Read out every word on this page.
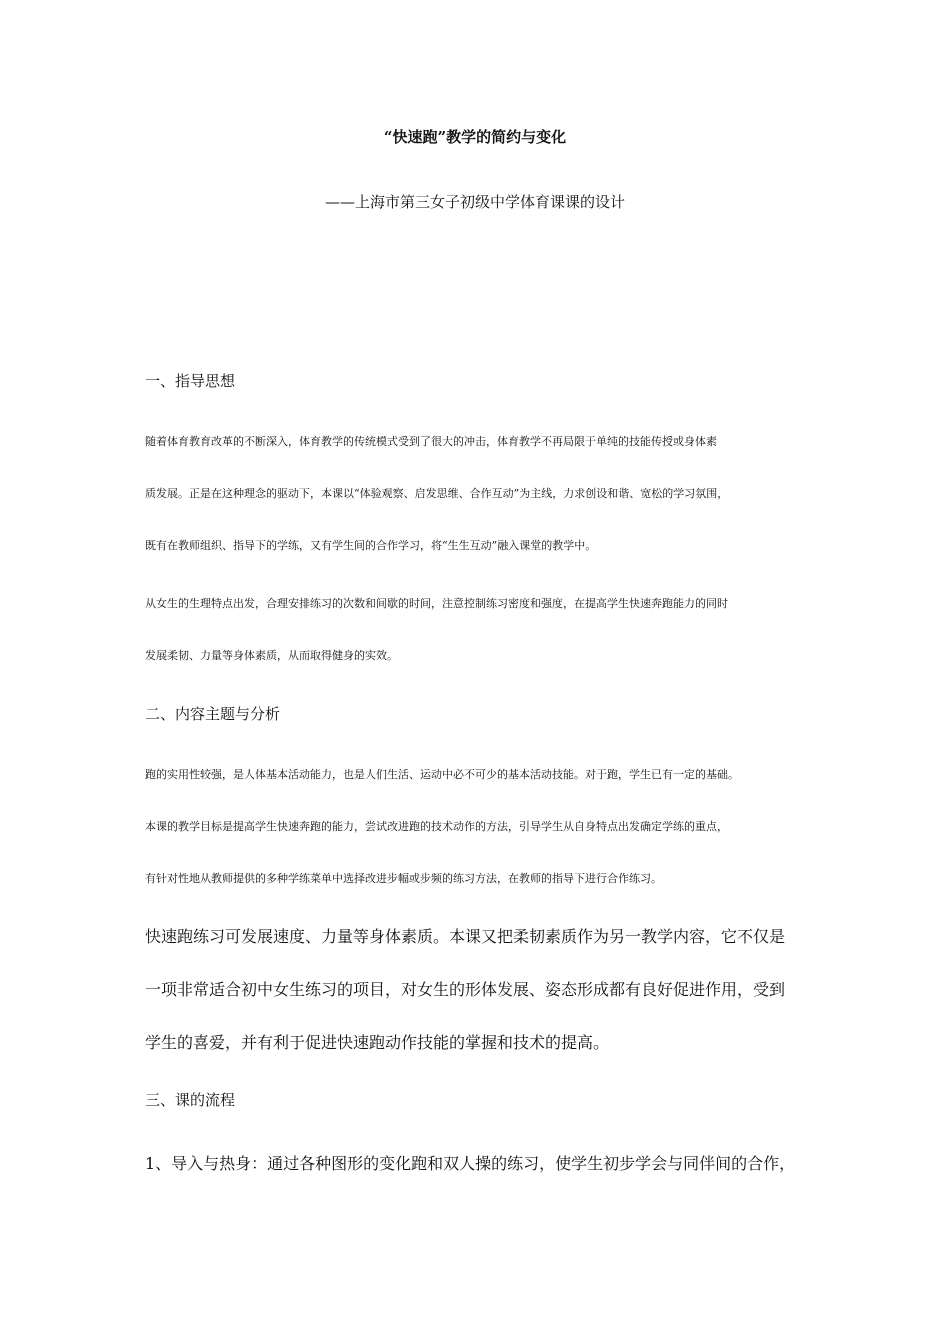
“快速跑”教学的简约与变化
——上海市第三女子初级中学体育课课的设计
一、指导思想
随着体育教育改革的不断深入，体育教学的传统模式受到了很大的冲击，体育教学不再局限于单纯的技能传授或身体素
质发展。正是在这种理念的驱动下，本课以“体验观察、启发思维、合作互动”为主线，力求创设和谐、宽松的学习氛围，
既有在教师组织、指导下的学练，又有学生间的合作学习，将“生生互动”融入课堂的教学中。
从女生的生理特点出发，合理安排练习的次数和间歇的时间，注意控制练习密度和强度，在提高学生快速奔跑能力的同时
发展柔韧、力量等身体素质，从而取得健身的实效。
二、内容主题与分析
跑的实用性较强，是人体基本活动能力，也是人们生活、运动中必不可少的基本活动技能。对于跑，学生已有一定的基础。
本课的教学目标是提高学生快速奔跑的能力，尝试改进跑的技术动作的方法，引导学生从自身特点出发确定学练的重点，
有针对性地从教师提供的多种学练菜单中选择改进步幅或步频的练习方法，在教师的指导下进行合作练习。
快速跑练习可发展速度、力量等身体素质。本课又把柔韧素质作为另一教学内容，它不仅是
一项非常适合初中女生练习的项目，对女生的形体发展、姿态形成都有良好促进作用，受到
学生的喜爱，并有利于促进快速跑动作技能的掌握和技术的提高。
三、课的流程
1、导入与热身：通过各种图形的变化跑和双人操的练习，使学生初步学会与同伴间的合作，
